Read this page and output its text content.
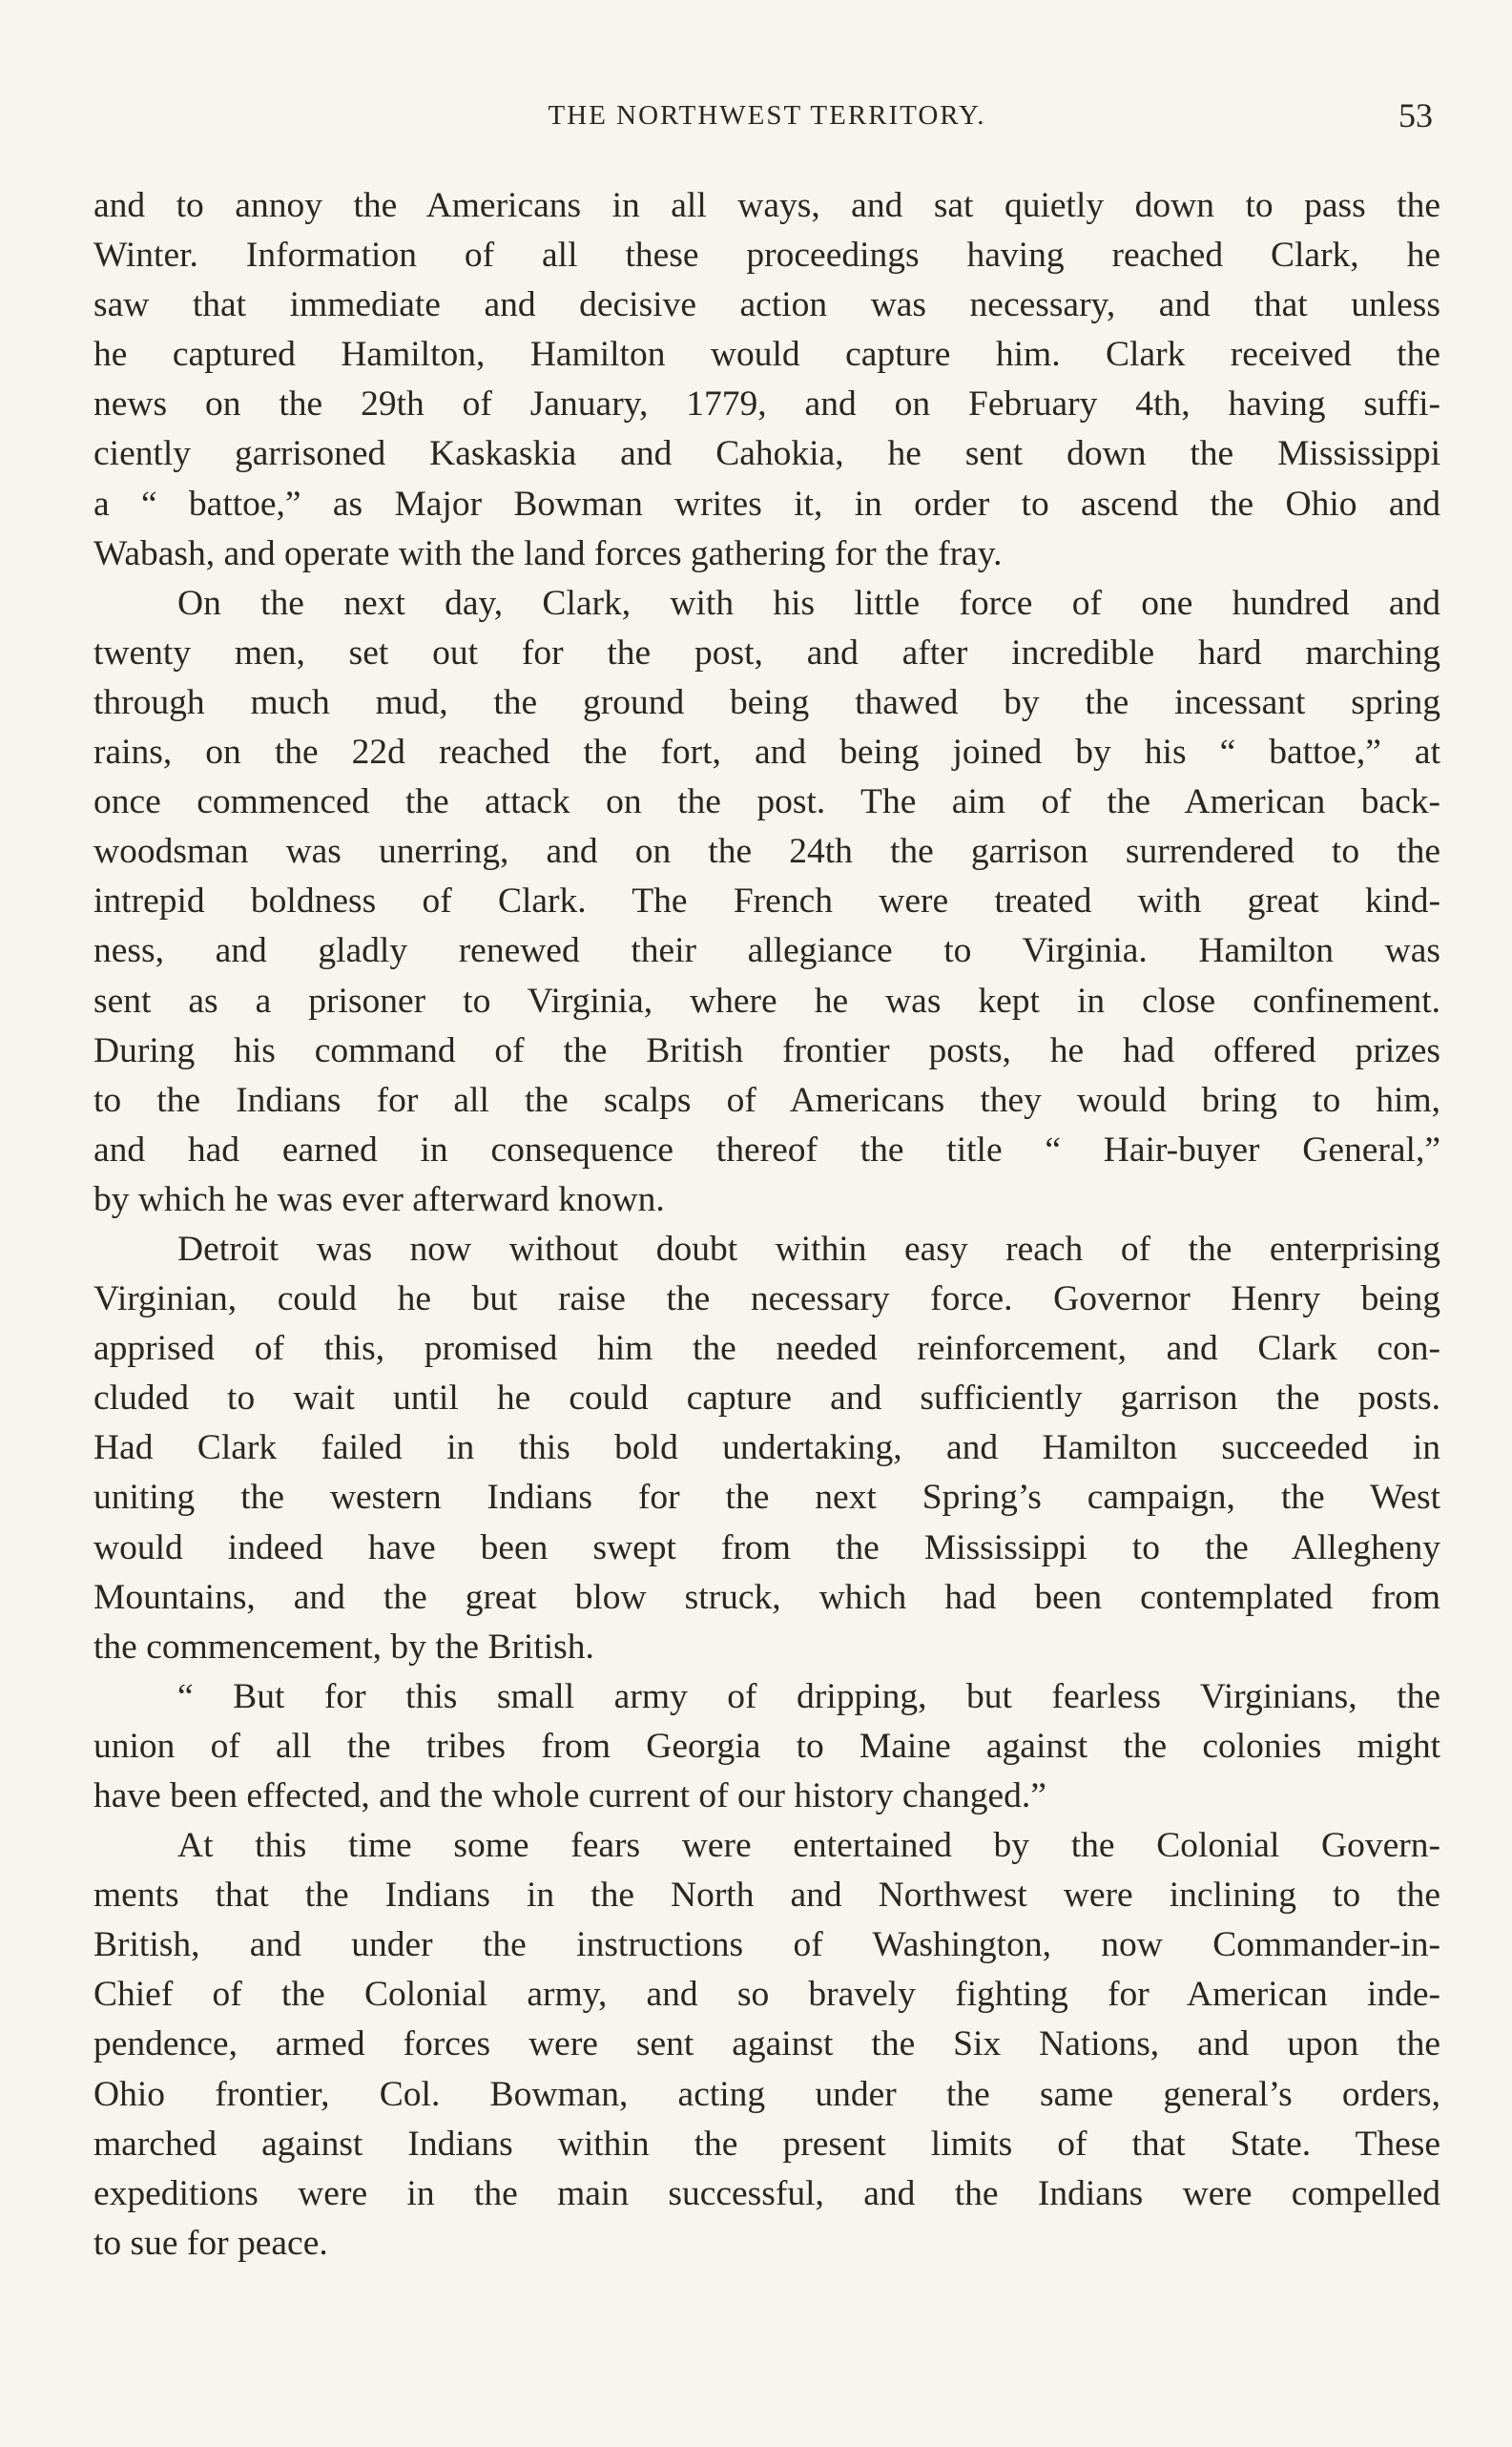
THE NORTHWEST TERRITORY.	53
and to annoy the Americans in all ways, and sat quietly down to pass the
Winter. Information of all these proceedings having reached Clark, he
saw that immediate and decisive action was necessary, and that unless
he captured Hamilton, Hamilton would capture him. Clark received the
news on the 29th of January, 1779, and on February 4th, having suffi-
ciently garrisoned Kaskaskia and Cahokia, he sent down the Mississippi
a “ battoe,” as Major Bowman writes it, in order to ascend the Ohio and
Wabash, and operate with the land forces gathering for the fray.
On the next day, Clark, with his little force of one hundred and
twenty men, set out for the post, and after incredible hard marching
through much mud, the ground being thawed by the incessant spring
rains, on the 22d reached the fort, and being joined by his “ battoe,” at
once commenced the attack on the post. The aim of the American back-
woodsman was unerring, and on the 24th the garrison surrendered to the
intrepid boldness of Clark. The French were treated with great kind-
ness, and gladly renewed their allegiance to Virginia. Hamilton was
sent as a prisoner to Virginia, where he was kept in close confinement.
During his command of the British frontier posts, he had offered prizes
to the Indians for all the scalps of Americans they would bring to him,
and had earned in consequence thereof the title “ Hair-buyer General,”
by which he was ever afterward known.
Detroit was now without doubt within easy reach of the enterprising
Virginian, could he but raise the necessary force. Governor Henry being
apprised of this, promised him the needed reinforcement, and Clark con-
cluded to wait until he could capture and sufficiently garrison the posts.
Had Clark failed in this bold undertaking, and Hamilton succeeded in
uniting the western Indians for the next Spring’s campaign, the West
would indeed have been swept from the Mississippi to the Allegheny
Mountains, and the great blow struck, which had been contemplated from
the commencement, by the British.
“ But for this small army of dripping, but fearless Virginians, the
union of all the tribes from Georgia to Maine against the colonies might
have been effected, and the whole current of our history changed.”
At this time some fears were entertained by the Colonial Govern-
ments that the Indians in the North and Northwest were inclining to the
British, and under the instructions of Washington, now Commander-in-
Chief of the Colonial army, and so bravely fighting for American inde-
pendence, armed forces were sent against the Six Nations, and upon the
Ohio frontier, Col. Bowman, acting under the same general’s orders,
marched against Indians within the present limits of that State. These
expeditions were in the main successful, and the Indians were compelled
to sue for peace.
